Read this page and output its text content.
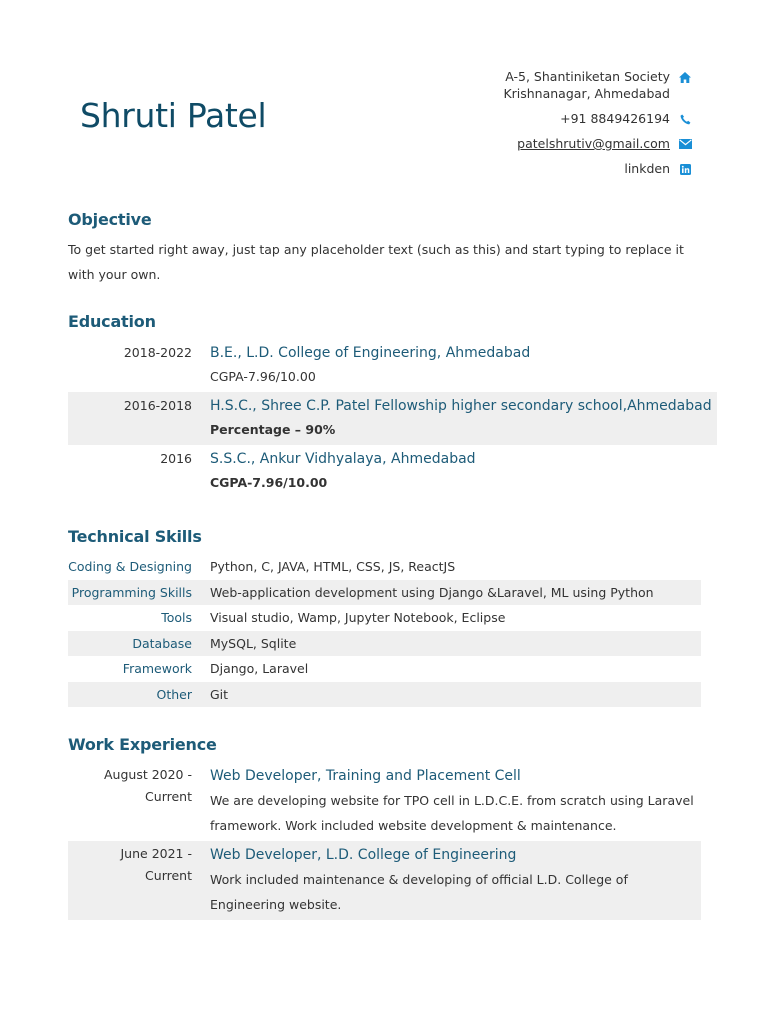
Shruti Patel
A-5, Shantiniketan Society
Krishnanagar, Ahmedabad
+91 8849426194
patelshrutiv@gmail.com
linkden
Objective

To get started right away, just tap any placeholder text (such as this) and start typing to replace it with your own.

Education
2018-2022 B.E., L.D. College of Engineering, Ahmedabad
CGPA-7.96/10.00
2016-2018 H.S.C., Shree C.P. Patel Fellowship higher secondary school,Ahmedabad
Percentage – 90%
2016 S.S.C., Ankur Vidhyalaya, Ahmedabad
CGPA-7.96/10.00
Technical Skills
Coding & Designing Python, C, JAVA, HTML, CSS, JS, ReactJS
Programming Skills Web-application development using Django &Laravel, ML using Python
Tools Visual studio, Wamp, Jupyter Notebook, Eclipse
Database MySQL, Sqlite
Framework Django, Laravel
Other Git
Work Experience
August 2020 -
Current
Web Developer, Training and Placement Cell
We are developing website for TPO cell in L.D.C.E. from scratch using Laravel framework. Work included website development & maintenance.
June 2021 -
Current
Web Developer, L.D. College of Engineering
Work included maintenance & developing of official L.D. College of Engineering website.
